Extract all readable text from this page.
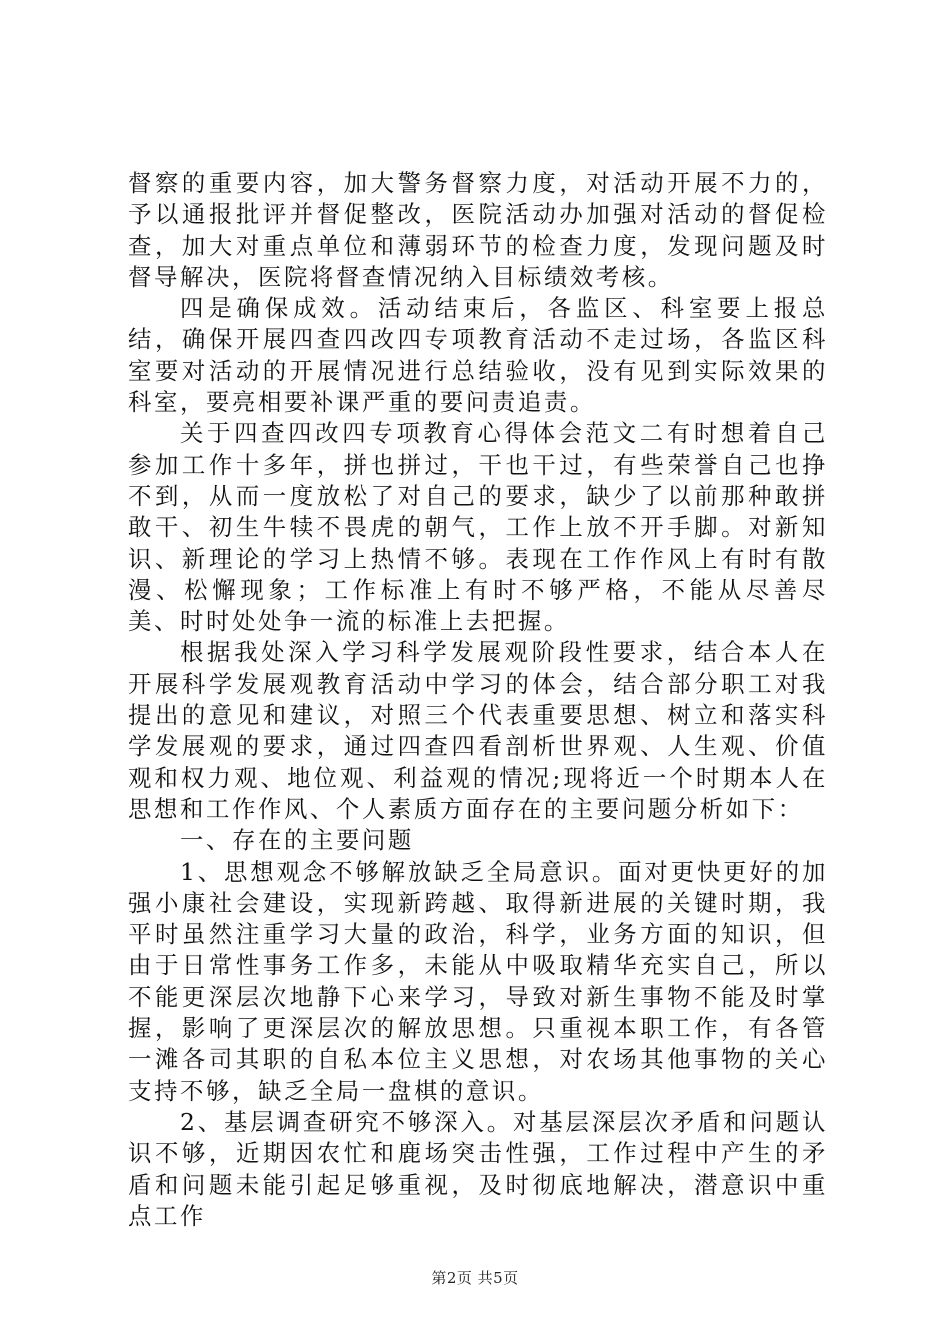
督察的重要内容，加大警务督察力度，对活动开展不力的，予以通报批评并督促整改，医院活动办加强对活动的督促检查，加大对重点单位和薄弱环节的检查力度，发现问题及时督导解决，医院将督查情况纳入目标绩效考核。

四是确保成效。活动结束后，各监区、科室要上报总结，确保开展四查四改四专项教育活动不走过场，各监区科室要对活动的开展情况进行总结验收，没有见到实际效果的科室，要亮相要补课严重的要问责追责。

关于四查四改四专项教育心得体会范文二有时想着自己参加工作十多年，拼也拼过，干也干过，有些荣誉自己也挣不到，从而一度放松了对自己的要求，缺少了以前那种敢拼敢干、初生牛犊不畏虎的朝气，工作上放不开手脚。对新知识、新理论的学习上热情不够。表现在工作作风上有时有散漫、松懈现象；工作标准上有时不够严格，不能从尽善尽美、时时处处争一流的标准上去把握。

根据我处深入学习科学发展观阶段性要求，结合本人在开展科学发展观教育活动中学习的体会，结合部分职工对我提出的意见和建议，对照三个代表重要思想、树立和落实科学发展观的要求，通过四查四看剖析世界观、人生观、价值观和权力观、地位观、利益观的情况;现将近一个时期本人在思想和工作作风、个人素质方面存在的主要问题分析如下：

一、存在的主要问题

1、思想观念不够解放缺乏全局意识。面对更快更好的加强小康社会建设，实现新跨越、取得新进展的关键时期，我平时虽然注重学习大量的政治，科学，业务方面的知识，但由于日常性事务工作多，未能从中吸取精华充实自己，所以不能更深层次地静下心来学习，导致对新生事物不能及时掌握，影响了更深层次的解放思想。只重视本职工作，有各管一滩各司其职的自私本位主义思想，对农场其他事物的关心支持不够，缺乏全局一盘棋的意识。

2、基层调查研究不够深入。对基层深层次矛盾和问题认识不够，近期因农忙和鹿场突击性强，工作过程中产生的矛盾和问题未能引起足够重视，及时彻底地解决，潜意识中重点工作

第2页 共5页
